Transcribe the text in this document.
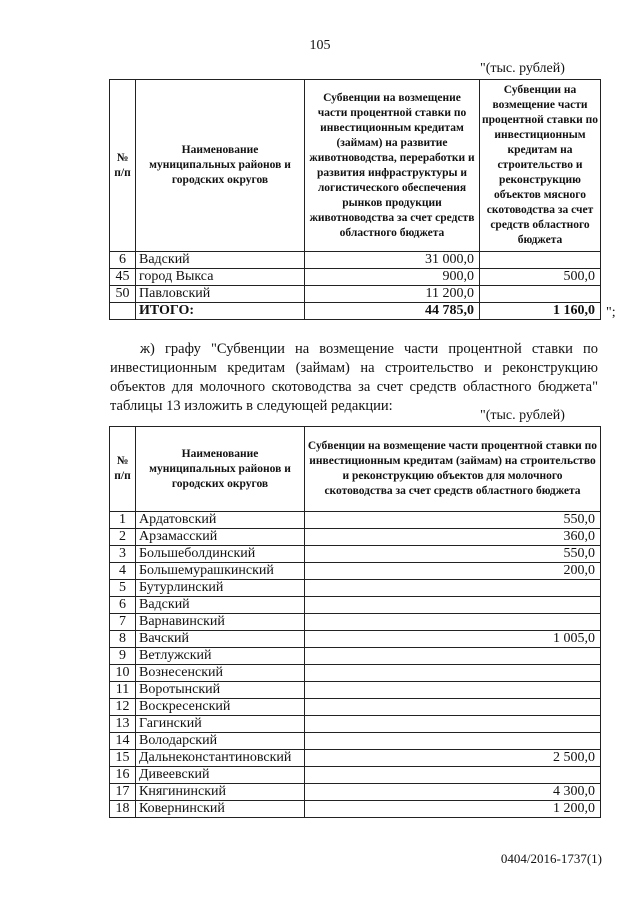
105
"(тыс. рублей)
№ п/п	Наименование муниципальных районов и городских округов	Субвенции на возмещение части процентной ставки по инвестиционным кредитам (займам) на развитие животноводства, переработки и развития инфраструктуры и логистического обеспечения рынков продукции животноводства за счет средств областного бюджета	Субвенции на возмещение части процентной ставки по инвестиционным кредитам на строительство и реконструкцию объектов мясного скотоводства за счет средств областного бюджета
6	Вадский	31 000,0	
45	город Выкса	900,0	500,0
50	Павловский	11 200,0	
	ИТОГО:	44 785,0	1 160,0 ";
ж) графу "Субвенции на возмещение части процентной ставки по инвестиционным кредитам (займам) на строительство и реконструкцию объектов для молочного скотоводства за счет средств областного бюджета" таблицы 13 изложить в следующей редакции:
"(тыс. рублей)
№ п/п	Наименование муниципальных районов и городских округов	Субвенции на возмещение части процентной ставки по инвестиционным кредитам (займам) на строительство и реконструкцию объектов для молочного скотоводства за счет средств областного бюджета
1	Ардатовский	550,0
2	Арзамасский	360,0
3	Большеболдинский	550,0
4	Большемурашкинский	200,0
5	Бутурлинский	
6	Вадский	
7	Варнавинский	
8	Вачский	1 005,0
9	Ветлужский	
10	Вознесенский	
11	Воротынский	
12	Воскресенский	
13	Гагинский	
14	Володарский	
15	Дальнеконстантиновский	2 500,0
16	Дивеевский	
17	Княгининский	4 300,0
18	Ковернинский	1 200,0
0404/2016-1737(1)
